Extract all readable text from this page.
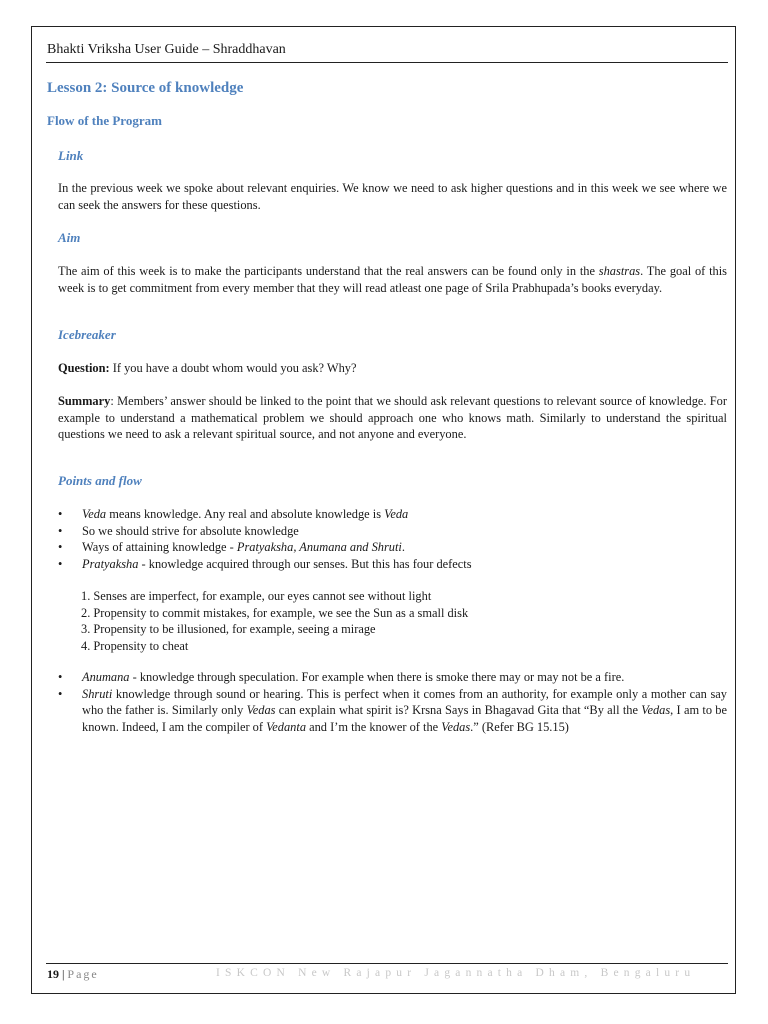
Bhakti Vriksha User Guide – Shraddhavan
Lesson 2: Source of knowledge
Flow of the Program
Link

In the previous week we spoke about relevant enquiries. We know we need to ask higher questions and in this week we see where we can seek the answers for these questions.

Aim

The aim of this week is to make the participants understand that the real answers can be found only in the shastras. The goal of this week is to get commitment from every member that they will read atleast one page of Srila Prabhupada’s books everyday.

Icebreaker

Question: If you have a doubt whom would you ask? Why?

Summary: Members’ answer should be linked to the point that we should ask relevant questions to relevant source of knowledge. For example to understand a mathematical problem we should approach one who knows math. Similarly to understand the spiritual questions we need to ask a relevant spiritual source, and not anyone and everyone.

Points and flow
• Veda means knowledge. Any real and absolute knowledge is Veda
• So we should strive for absolute knowledge
• Ways of attaining knowledge - Pratyaksha, Anumana and Shruti.
• Pratyaksha - knowledge acquired through our senses. But this has four defects
1. Senses are imperfect, for example, our eyes cannot see without light
2. Propensity to commit mistakes, for example, we see the Sun as a small disk
3. Propensity to be illusioned, for example, seeing a mirage
4. Propensity to cheat
• Anumana - knowledge through speculation. For example when there is smoke there may or may not be a fire.
• Shruti knowledge through sound or hearing. This is perfect when it comes from an authority, for example only a mother can say who the father is. Similarly only Vedas can explain what spirit is? Krsna Says in Bhagavad Gita that “By all the Vedas, I am to be known. Indeed, I am the compiler of Vedanta and I’m the knower of the Vedas.” (Refer BG 15.15)
19 | Page	ISKCON New Rajapur Jagannatha Dham, Bengaluru
